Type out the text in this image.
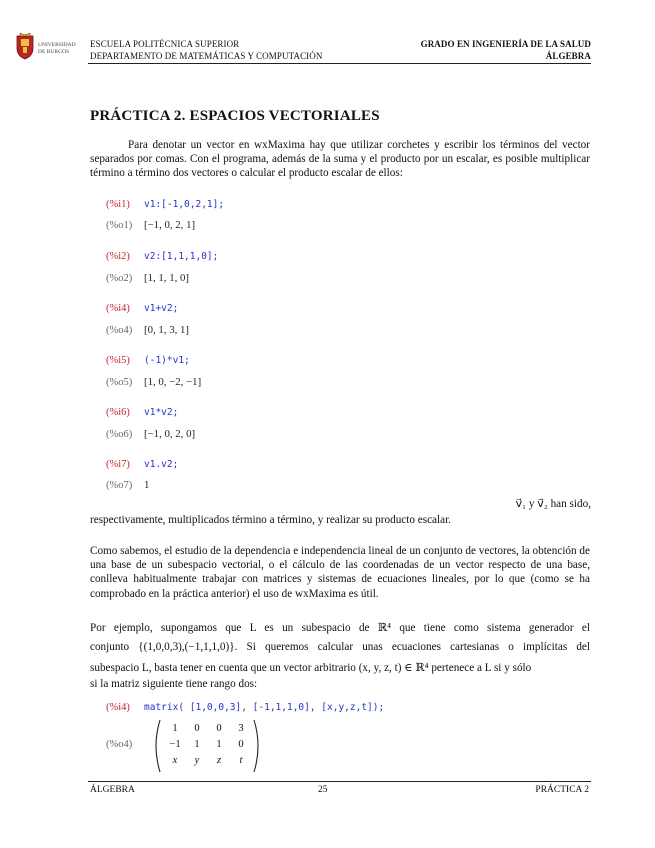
UNIVERSIDAD
DE BURGOS
ESCUELA POLITÉCNICA SUPERIOR
DEPARTAMENTO DE MATEMÁTICAS Y COMPUTACIÓN
GRADO EN INGENIERÍA DE LA SALUD
ÁLGEBRA
PRÁCTICA 2. ESPACIOS VECTORIALES
Para denotar un vector en wxMaxima hay que utilizar corchetes y escribir los términos del vector separados por comas. Con el programa, además de la suma y el producto por un escalar, es posible multiplicar término a término dos vectores o calcular el producto escalar de ellos:
(%i1) v1:[-1,0,2,1];
(%o1) [−1, 0, 2, 1]
(%i2) v2:[1,1,1,0];
(%o2) [1, 1, 1, 0]
(%i4) v1+v2;
(%o4) [0, 1, 3, 1]
(%i5) (-1)*v1;
(%o5) [1, 0, −2, −1]
(%i6) v1*v2;
(%o6) [−1, 0, 2, 0]
(%i7) v1.v2;
(%o7) 1
v⃗₁ y v⃗₂ han sido,
respectivamente, multiplicados término a término, y realizar su producto escalar.
Como sabemos, el estudio de la dependencia e independencia lineal de un conjunto de vectores, la obtención de una base de un subespacio vectorial, o el cálculo de las coordenadas de un vector respecto de una base, conlleva habitualmente trabajar con matrices y sistemas de ecuaciones lineales, por lo que (como se ha comprobado en la práctica anterior) el uso de wxMaxima es útil.
Por ejemplo, supongamos que L es un subespacio de ℝ⁴ que tiene como sistema generador el
conjunto {(1,0,0,3),(−1,1,1,0)}. Si queremos calcular unas ecuaciones cartesianas o implícitas del
subespacio L, basta tener en cuenta que un vector arbitrario (x, y, z, t) ∈ ℝ⁴ pertenece a L si y sólo
si la matriz siguiente tiene rango dos:
(%i4) matrix( [1,0,0,3], [-1,1,1,0], [x,y,z,t]);
(%o4)
1	0	0	3
−1	1	1	0
x	y	z	t
ÁLGEBRA	25	PRÁCTICA 2
